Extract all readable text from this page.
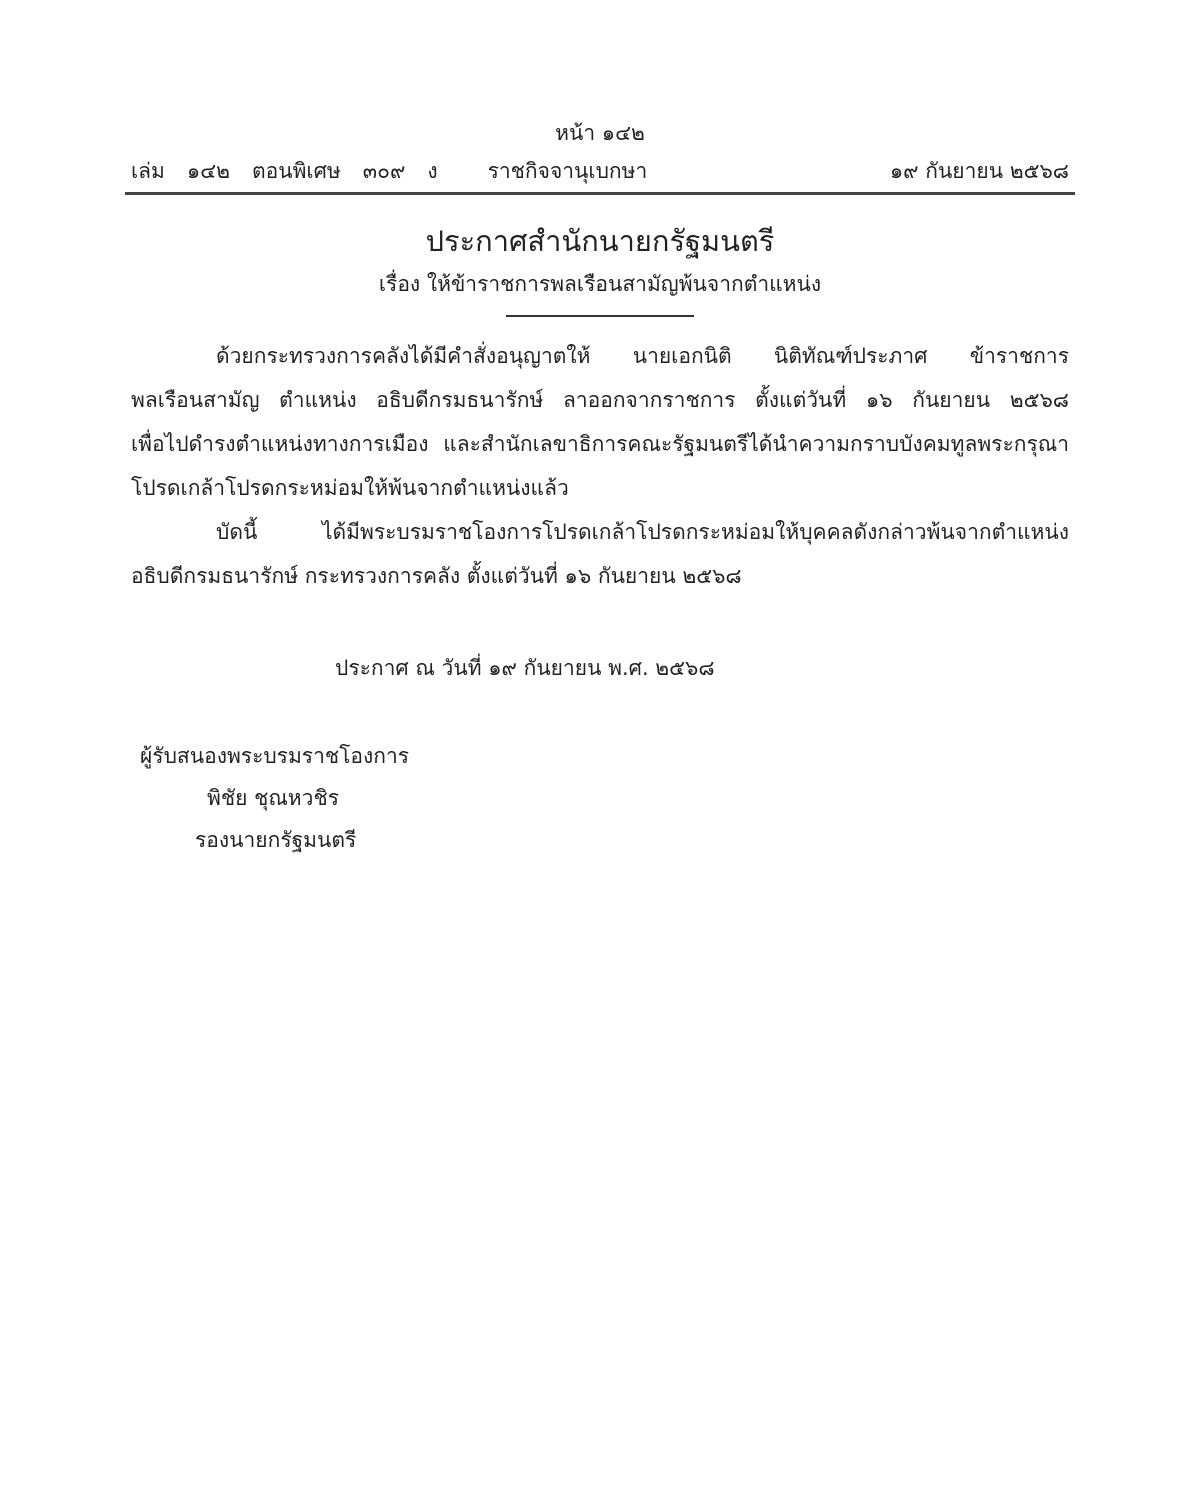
หน้า ๑๔๒
เล่ม ๑๔๒ ตอนพิเศษ ๓๐๙ ง ราชกิจจานุเบกษา	๑๙ กันยายน ๒๕๖๘
ประกาศสำนักนายกรัฐมนตรี
เรื่อง ให้ข้าราชการพลเรือนสามัญพ้นจากตำแหน่ง
ด้วยกระทรวงการคลังได้มีคำสั่งอนุญาตให้ นายเอกนิติ นิติทัณฑ์ประภาศ ข้าราชการ
พลเรือนสามัญ ตำแหน่ง อธิบดีกรมธนารักษ์ ลาออกจากราชการ ตั้งแต่วันที่ ๑๖ กันยายน ๒๕๖๘
เพื่อไปดำรงตำแหน่งทางการเมือง และสำนักเลขาธิการคณะรัฐมนตรีได้นำความกราบบังคมทูลพระกรุณา
โปรดเกล้าโปรดกระหม่อมให้พ้นจากตำแหน่งแล้ว
บัดนี้ ได้มีพระบรมราชโองการโปรดเกล้าโปรดกระหม่อมให้บุคคลดังกล่าวพ้นจากตำแหน่ง
อธิบดีกรมธนารักษ์ กระทรวงการคลัง ตั้งแต่วันที่ ๑๖ กันยายน ๒๕๖๘
ประกาศ ณ วันที่ ๑๙ กันยายน พ.ศ. ๒๕๖๘
ผู้รับสนองพระบรมราชโองการ
พิชัย ชุณหวชิร
รองนายกรัฐมนตรี
